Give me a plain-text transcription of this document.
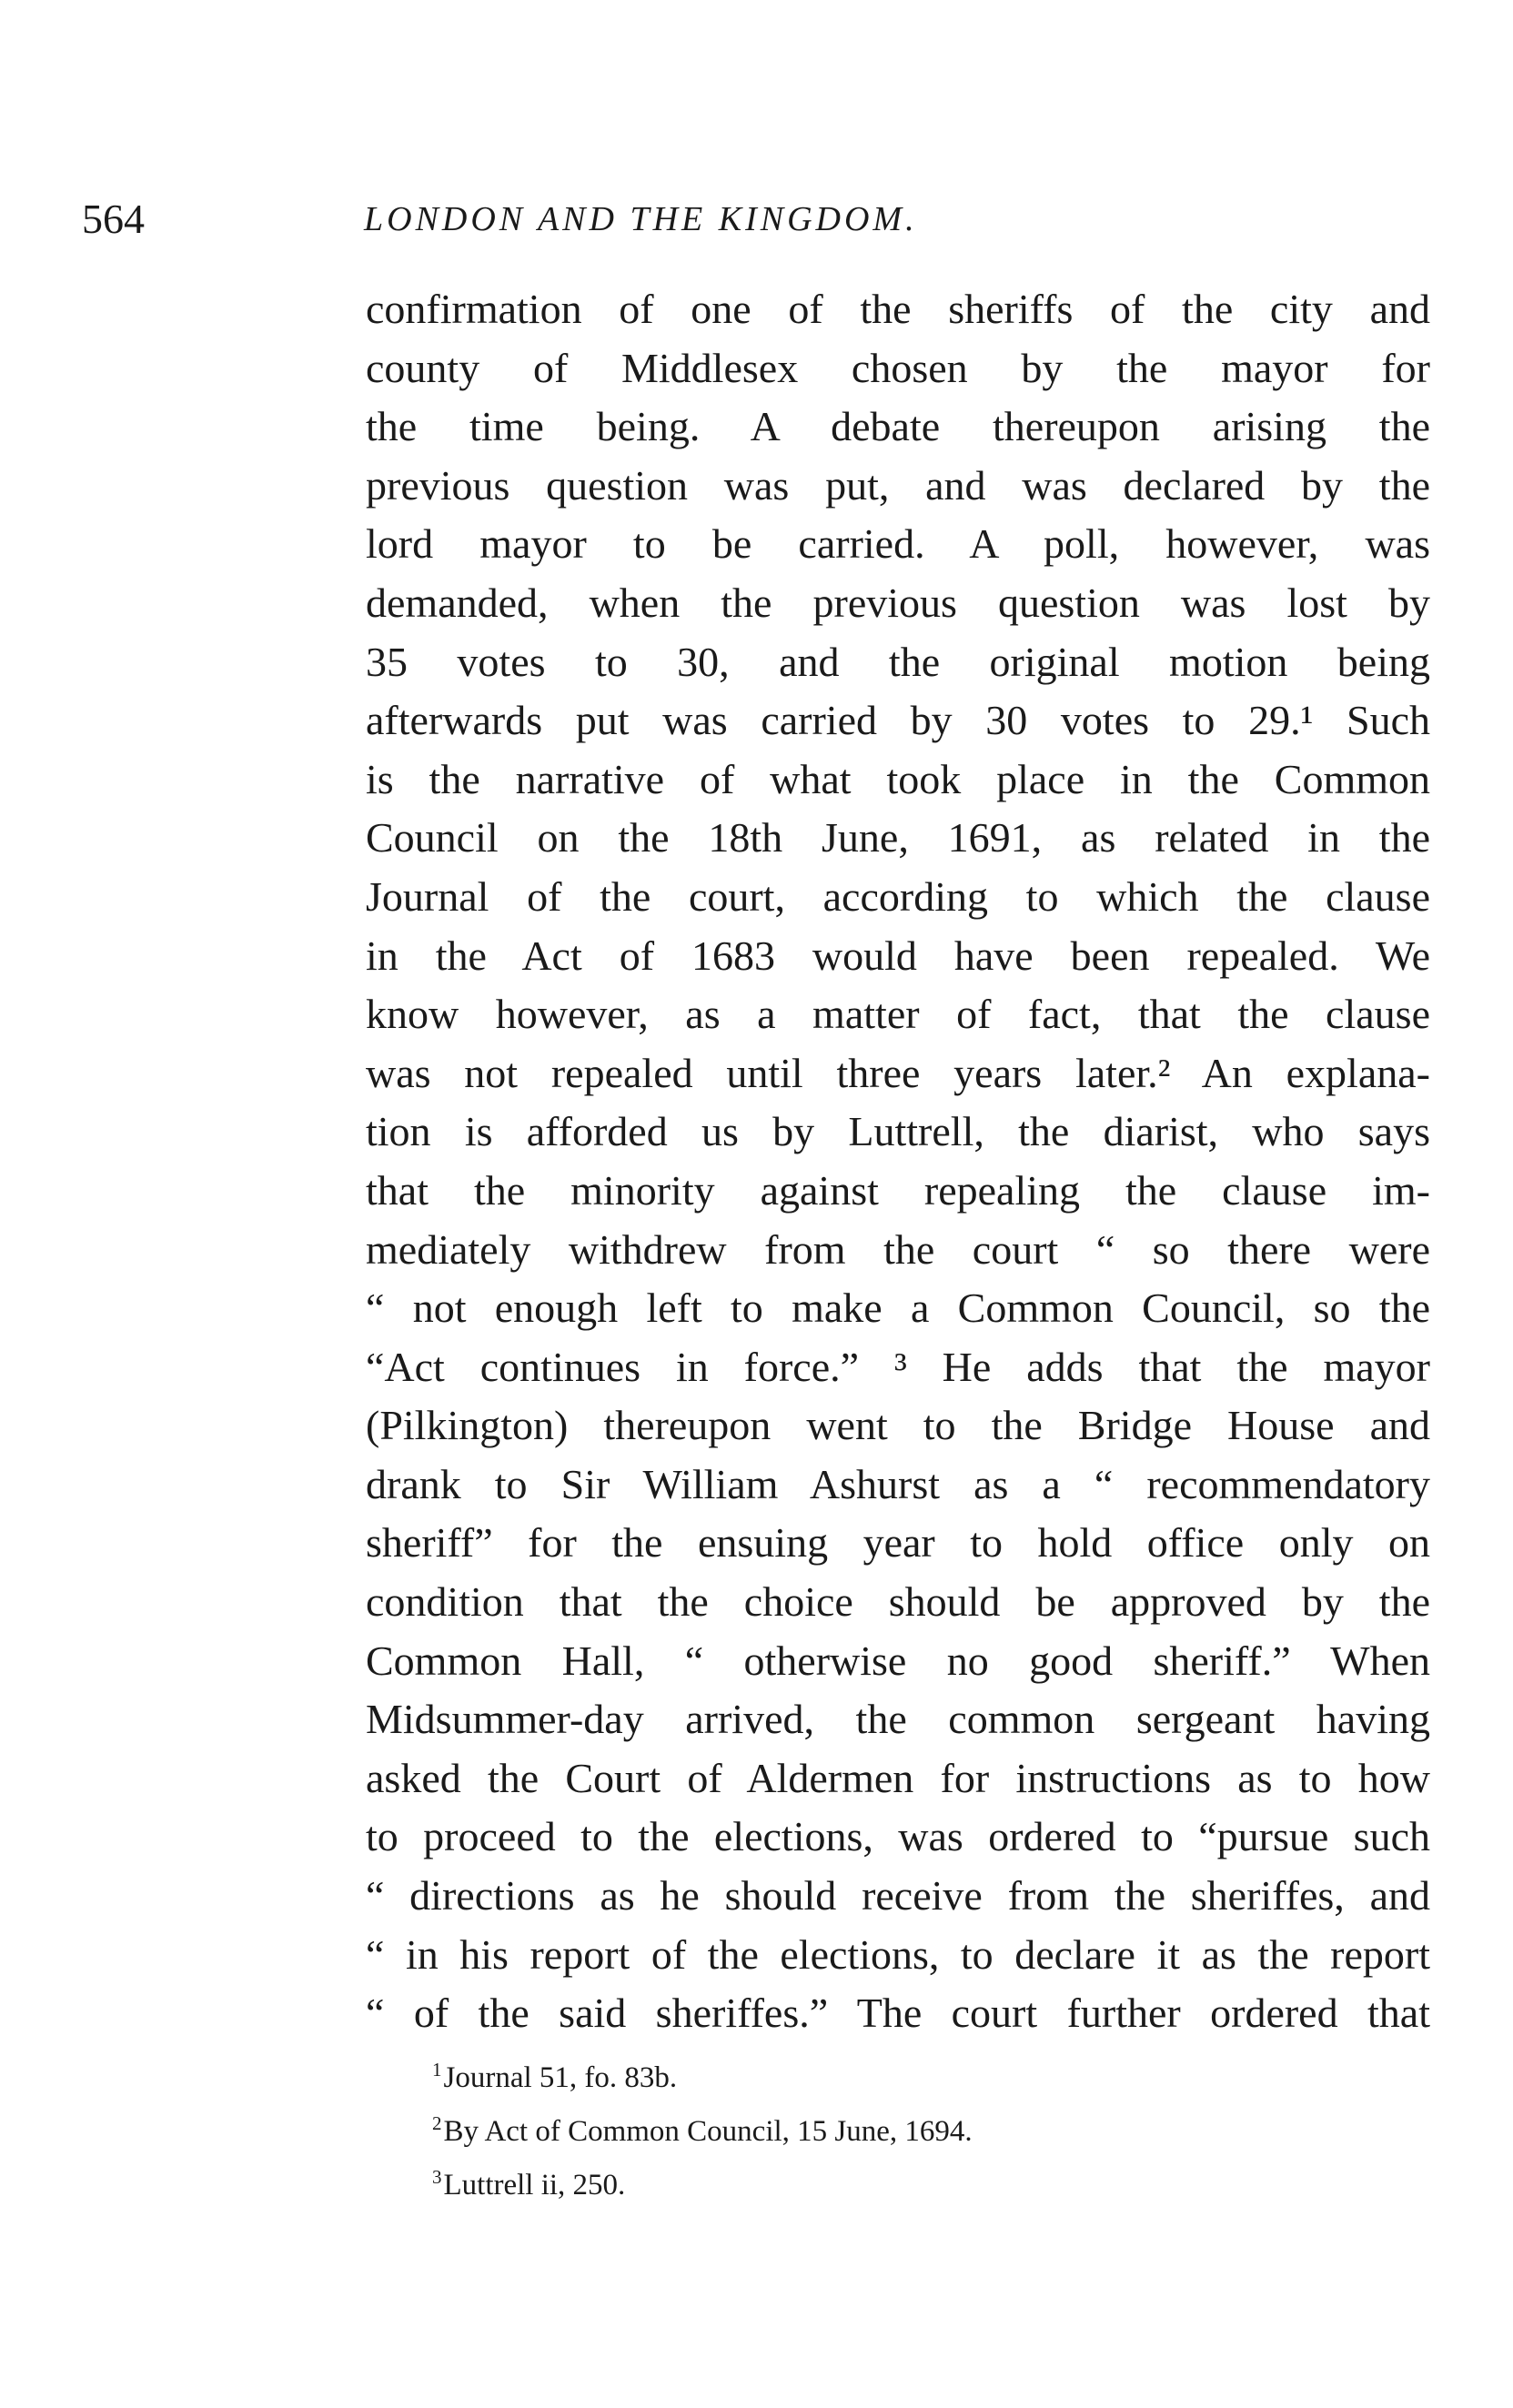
564	LONDON AND THE KINGDOM.
confirmation of one of the sheriffs of the city and
county of Middlesex chosen by the mayor for
the time being. A debate thereupon arising the
previous question was put, and was declared by the
lord mayor to be carried. A poll, however, was
demanded, when the previous question was lost by
35 votes to 30, and the original motion being
afterwards put was carried by 30 votes to 29.¹ Such
is the narrative of what took place in the Common
Council on the 18th June, 1691, as related in the
Journal of the court, according to which the clause
in the Act of 1683 would have been repealed. We
know however, as a matter of fact, that the clause
was not repealed until three years later.² An explana-
tion is afforded us by Luttrell, the diarist, who says
that the minority against repealing the clause im-
mediately withdrew from the court “ so there were
“ not enough left to make a Common Council, so the
“Act continues in force.” ³ He adds that the mayor
(Pilkington) thereupon went to the Bridge House and
drank to Sir William Ashurst as a “ recommendatory
sheriff” for the ensuing year to hold office only on
condition that the choice should be approved by the
Common Hall, “ otherwise no good sheriff.” When
Midsummer-day arrived, the common sergeant having
asked the Court of Aldermen for instructions as to how
to proceed to the elections, was ordered to “pursue such
“ directions as he should receive from the sheriffes, and
“ in his report of the elections, to declare it as the report
“ of the said sheriffes.” The court further ordered that
$^1$Journal 51, fo. 83b.
$^2$By Act of Common Council, 15 June, 1694.
$^3$Luttrell ii, 250.
